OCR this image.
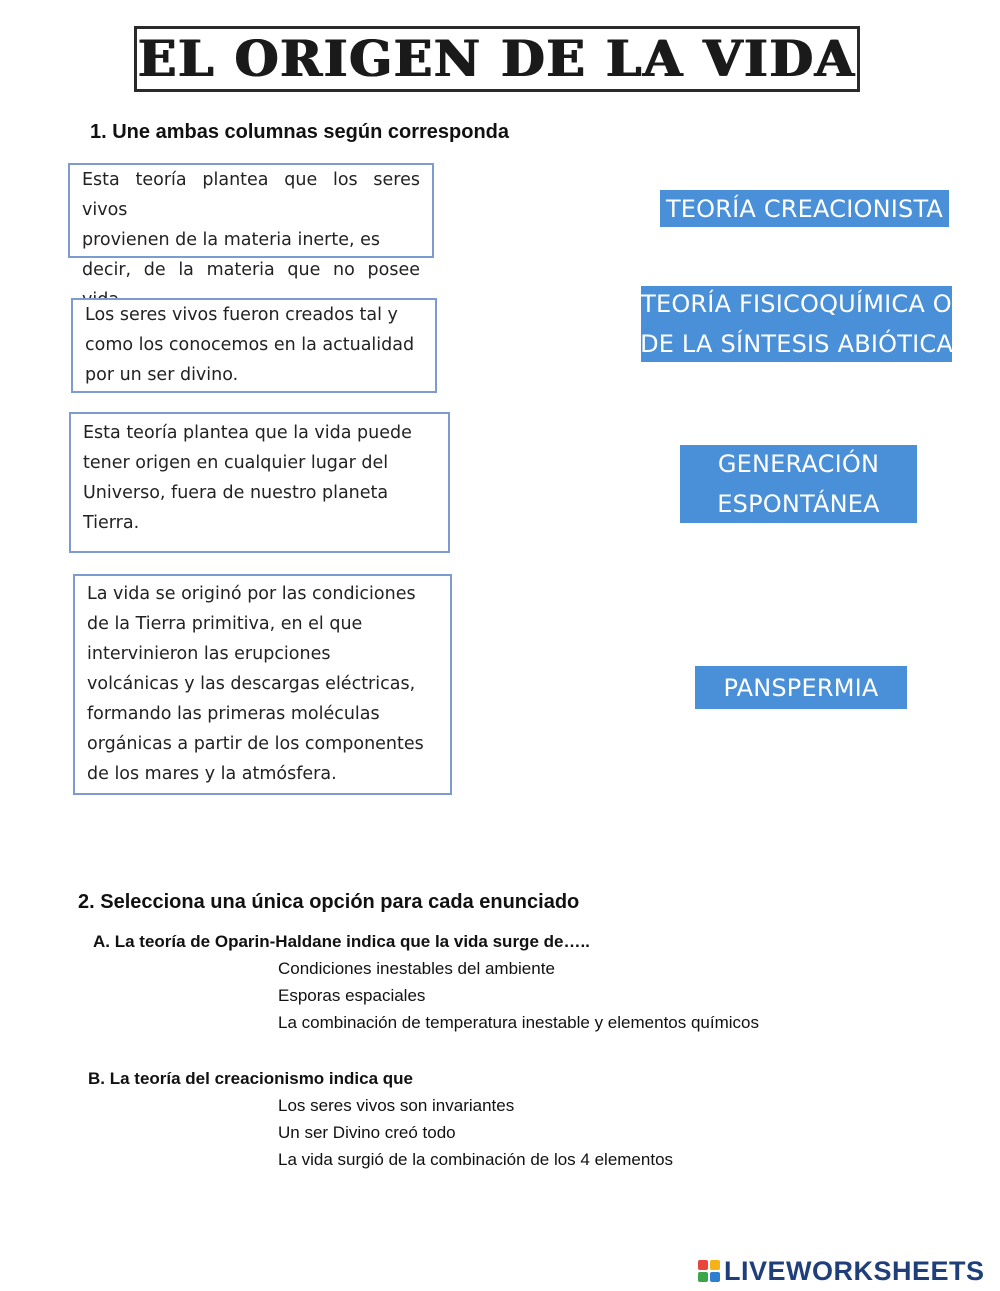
EL ORIGEN DE LA VIDA

1. Une ambas columnas según corresponda

Esta teoría plantea que los seres vivos
provienen de la materia inerte, es
decir, de la materia que no posee
Los seres vivos fueron creados tal y
como los conocemos en la actualidad
por un ser divino.
Esta teoría plantea que la vida puede
tener origen en cualquier lugar del
Universo, fuera de nuestro planeta
Tierra.
La vida se originó por las condiciones
de la Tierra primitiva, en el que
intervinieron las erupciones
volcánicas y las descargas eléctricas,
formando las primeras moléculas
orgánicas a partir de los componentes
de los mares y la atmósfera.
TEORÍA CREACIONISTA
TEORÍA FISICOQUÍMICA O
DE LA SÍNTESIS ABIÓTICA
GENERACIÓN
ESPONTÁNEA
PANSPERMIA

2. Selecciona una única opción para cada enunciado

A. La teoría de Oparin-Haldane indica que la vida surge de…..

Condiciones inestables del ambiente

Esporas espaciales

La combinación de temperatura inestable y elementos químicos

B. La teoría del creacionismo indica que

Los seres vivos son invariantes

Un ser Divino creó todo

La vida surgió de la combinación de los 4 elementos

LIVEWORKSHEETS
